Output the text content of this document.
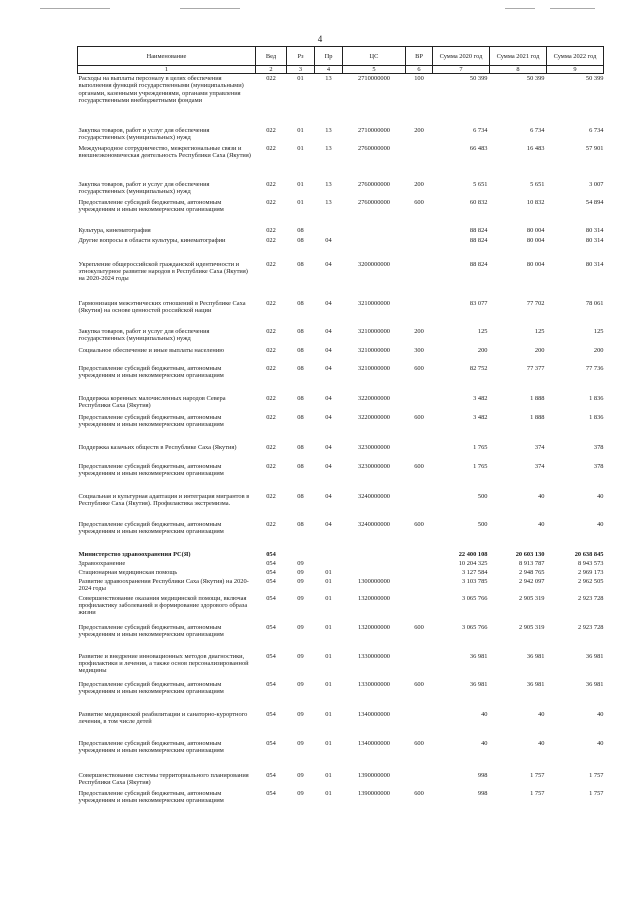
4
Наименование	Вед	Рз	Пр	ЦС	ВР	Сумма 2020 год	Сумма 2021 год	Сумма 2022 год
1	2	3	4	5	6	7	8	9
Расходы на выплаты персоналу в целях обеспечения выполнения функций государственными (муниципальными) органами, казенными учреждениями, органами управления государственными внебюджетными фондами	022	01	13	2710000000	100	50 399	50 399	50 399
Закупка товаров, работ и услуг для обеспечения государственных (муниципальных) нужд	022	01	13	2710000000	200	6 734	6 734	6 734
Международное сотрудничество, межрегиональные связи и внешнеэкономическая деятельность Республики Саха (Якутия)	022	01	13	2760000000		66 483	16 483	57 901
Закупка товаров, работ и услуг для обеспечения государственных (муниципальных) нужд	022	01	13	2760000000	200	5 651	5 651	3 007
Предоставление субсидий бюджетным, автономным учреждениям и иным некоммерческим организациям	022	01	13	2760000000	600	60 832	10 832	54 894
Культура, кинематография	022	08				88 824	80 004	80 314
Другие вопросы в области культуры, кинематографии	022	08	04			88 824	80 004	80 314
Укрепление общероссийской гражданской идентичности и этнокультурное развитие народов в Республике Саха (Якутия) на 2020-2024 годы	022	08	04	3200000000		88 824	80 004	80 314
Гармонизация межэтнических отношений в Республике Саха (Якутия) на основе ценностей российской нации	022	08	04	3210000000		83 077	77 702	78 061
Закупка товаров, работ и услуг для обеспечения государственных (муниципальных) нужд	022	08	04	3210000000	200	125	125	125
Социальное обеспечение и иные выплаты населению	022	08	04	3210000000	300	200	200	200
Предоставление субсидий бюджетным, автономным учреждениям и иным некоммерческим организациям	022	08	04	3210000000	600	82 752	77 377	77 736
Поддержка коренных малочисленных народов Севера Республики Саха (Якутия)	022	08	04	3220000000		3 482	1 888	1 836
Предоставление субсидий бюджетным, автономным учреждениям и иным некоммерческим организациям	022	08	04	3220000000	600	3 482	1 888	1 836
Поддержка казачьих обществ в Республике Саха (Якутия)	022	08	04	3230000000		1 765	374	378
Предоставление субсидий бюджетным, автономным учреждениям и иным некоммерческим организациям	022	08	04	3230000000	600	1 765	374	378
Социальная и культурная адаптация и интеграция мигрантов в Республике Саха (Якутия). Профилактика экстремизма.	022	08	04	3240000000		500	40	40
Предоставление субсидий бюджетным, автономным учреждениям и иным некоммерческим организациям	022	08	04	3240000000	600	500	40	40
Министерство здравоохранения РС(Я)	054					22 400 108	20 603 130	20 638 845
Здравоохранение	054	09				10 204 325	8 913 787	8 943 573
Стационарная медицинская помощь	054	09	01			3 127 584	2 948 765	2 969 173
Развитие здравоохранения Республики Саха (Якутия) на 2020-2024 годы	054	09	01	1300000000		3 103 785	2 942 097	2 962 505
Совершенствование оказания медицинской помощи, включая профилактику заболеваний и формирование здорового образа жизни	054	09	01	1320000000		3 065 766	2 905 319	2 923 728
Предоставление субсидий бюджетным, автономным учреждениям и иным некоммерческим организациям	054	09	01	1320000000	600	3 065 766	2 905 319	2 923 728
Развитие и внедрение инновационных методов диагностики, профилактики и лечения, а также основ персонализированной медицины	054	09	01	1330000000		36 981	36 981	36 981
Предоставление субсидий бюджетным, автономным учреждениям и иным некоммерческим организациям	054	09	01	1330000000	600	36 981	36 981	36 981
Развитие медицинской реабилитации и санаторно-курортного лечения, в том числе детей	054	09	01	1340000000		40	40	40
Предоставление субсидий бюджетным, автономным учреждениям и иным некоммерческим организациям	054	09	01	1340000000	600	40	40	40
Совершенствование системы территориального планирования Республики Саха (Якутия)	054	09	01	1390000000		998	1 757	1 757
Предоставление субсидий бюджетным, автономным учреждениям и иным некоммерческим организациям	054	09	01	1390000000	600	998	1 757	1 757
